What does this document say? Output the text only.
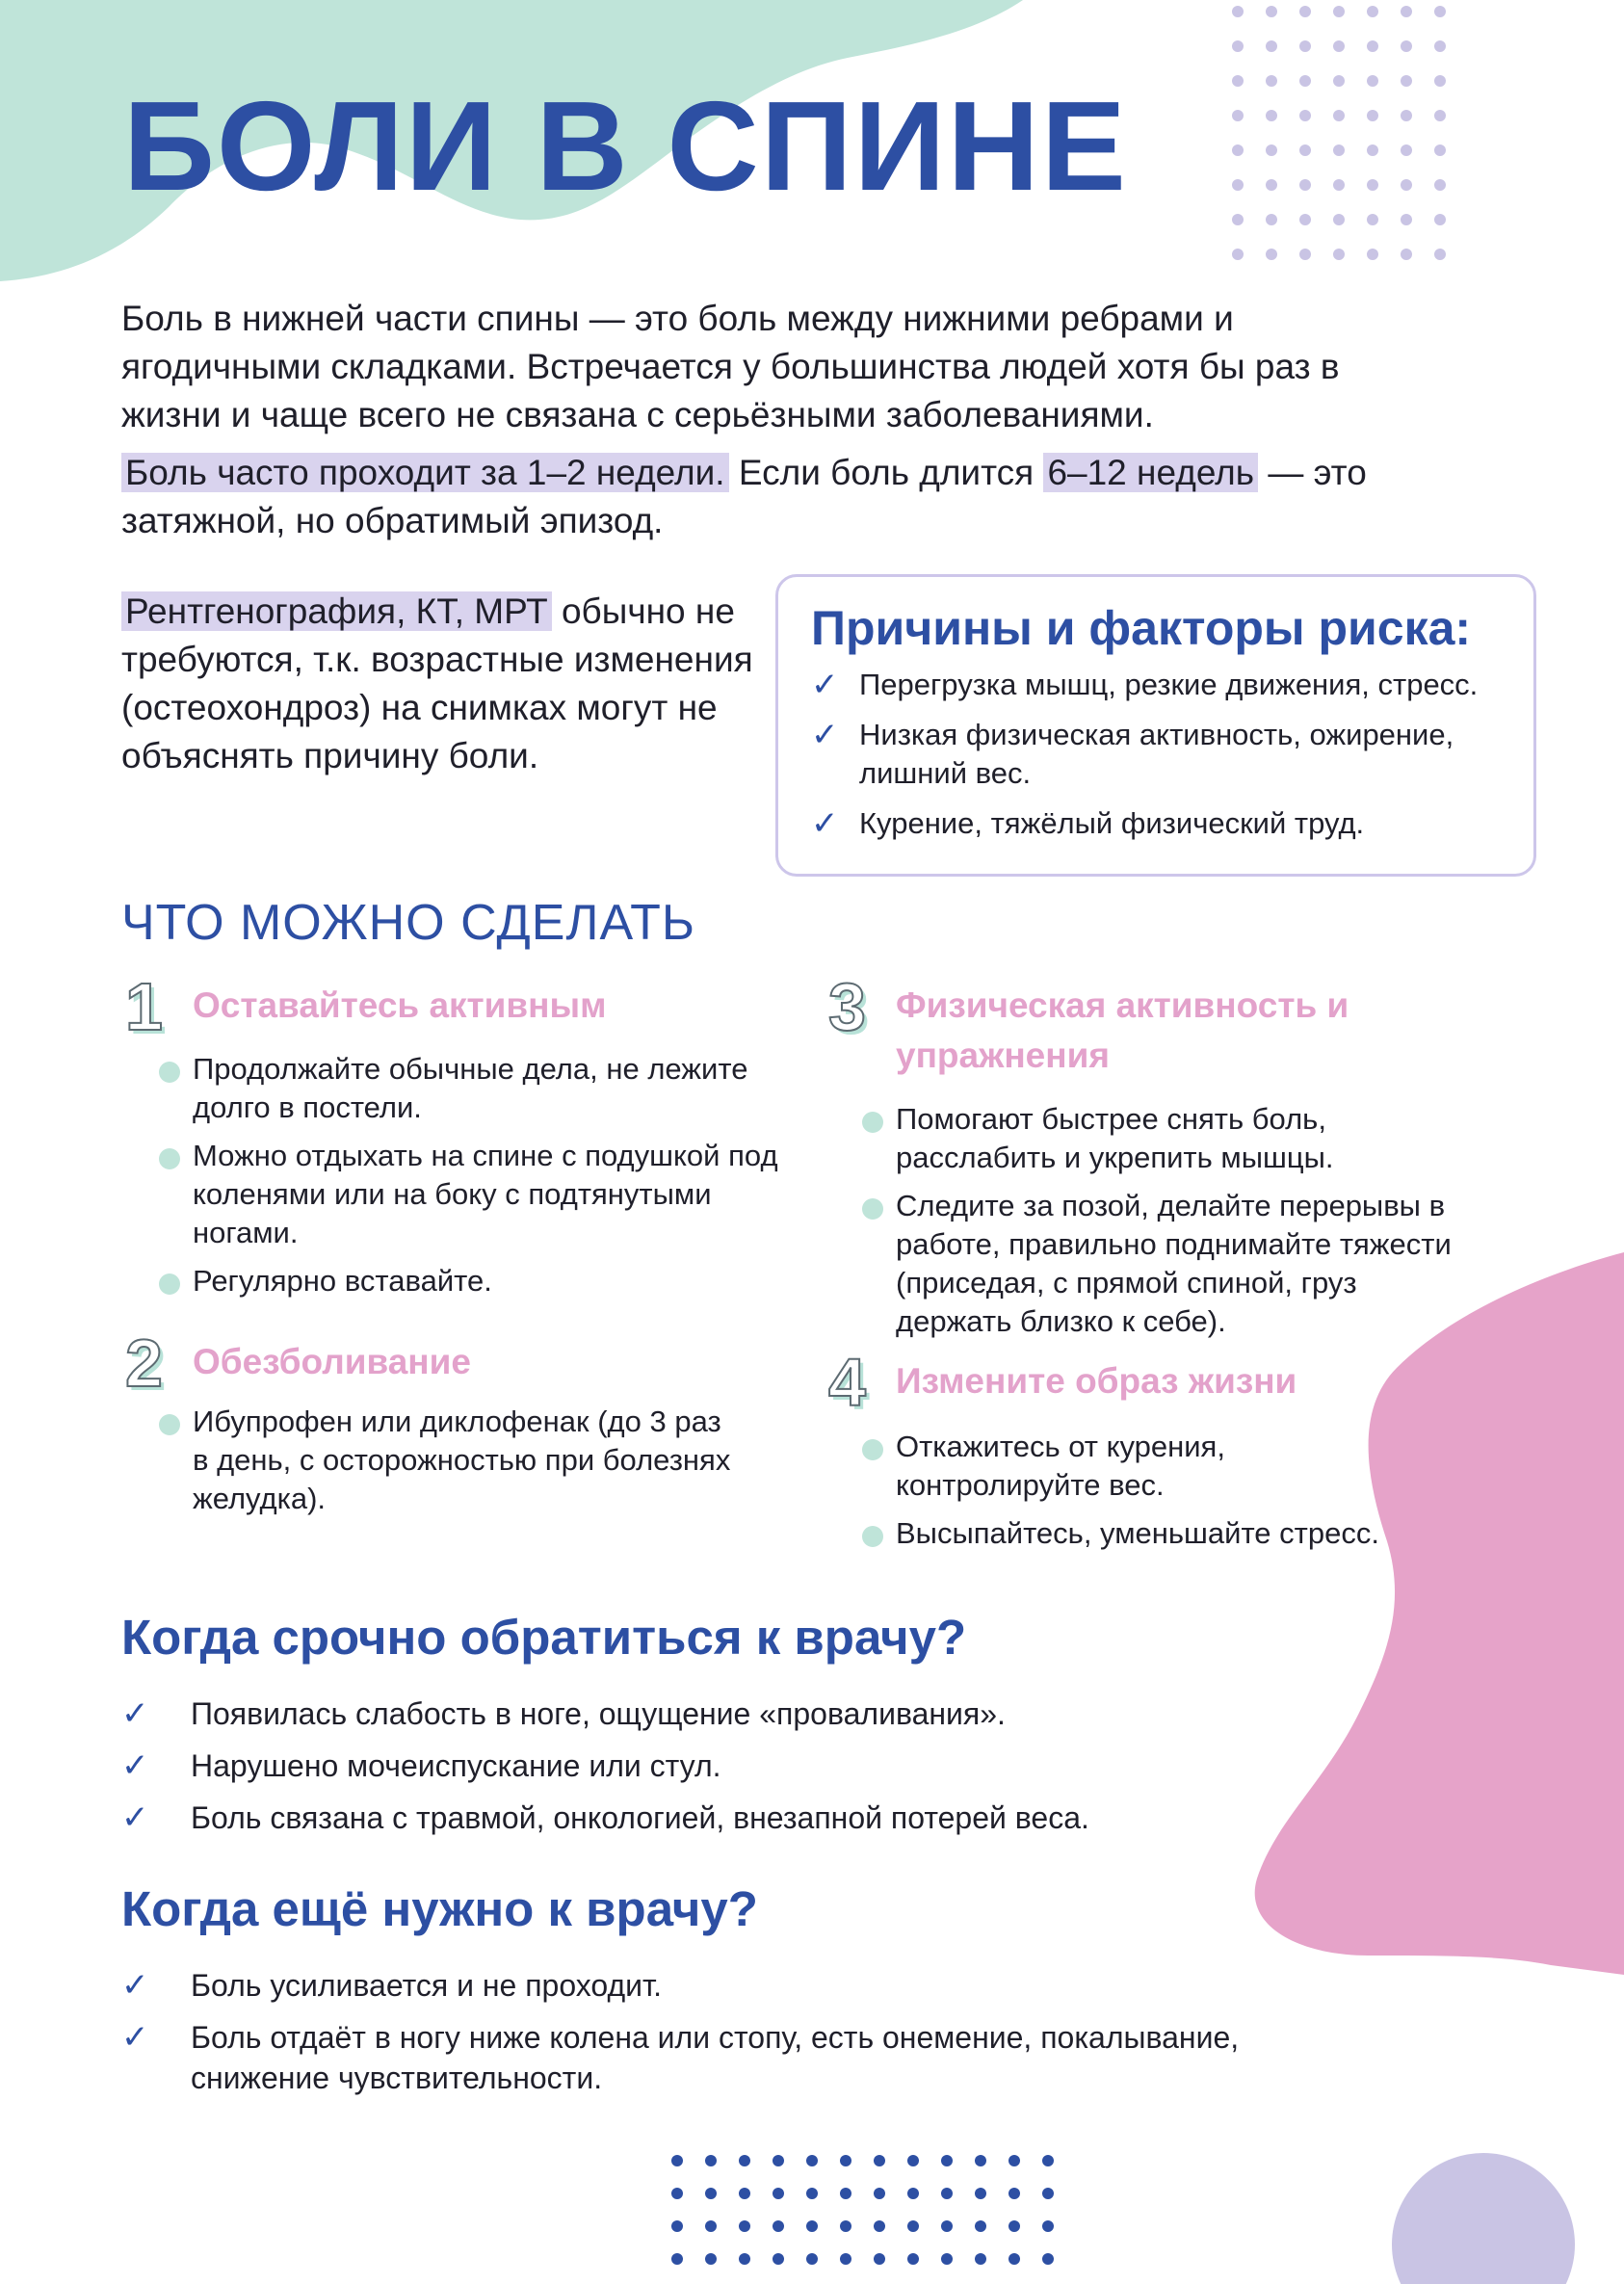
БОЛИ В СПИНЕ

Боль в нижней части спины — это боль между нижними ребрами и ягодичными складками. Встречается у большинства людей хотя бы раз в жизни и чаще всего не связана с серьёзными заболеваниями.

Боль часто проходит за 1–2 недели. Если боль длится 6–12 недель — это затяжной, но обратимый эпизод.

Рентгенография, КТ, МРТ обычно не требуются, т.к. возрастные изменения (остеохондроз) на снимках могут не объяснять причину боли.
Причины и факторы риска:
✓ Перегрузка мышц, резкие движения, стресс.
✓ Низкая физическая активность, ожирение, лишний вес.
✓ Курение, тяжёлый физический труд.
ЧТО МОЖНО СДЕЛАТЬ
1 Оставайтесь активным
Продолжайте обычные дела, не лежите долго в постели.
Можно отдыхать на спине с подушкой под коленями или на боку с подтянутыми ногами.
Регулярно вставайте.
2 Обезболивание
Ибупрофен или диклофенак (до 3 раз в день, с осторожностью при болезнях желудка).
3 Физическая активность и упражнения
Помогают быстрее снять боль, расслабить и укрепить мышцы.
Следите за позой, делайте перерывы в работе, правильно поднимайте тяжести (приседая, с прямой спиной, груз держать близко к себе).
4 Измените образ жизни
Откажитесь от курения, контролируйте вес.
Высыпайтесь, уменьшайте стресс.
Когда срочно обратиться к врачу?
✓ Появилась слабость в ноге, ощущение «проваливания».
✓ Нарушено мочеиспускание или стул.
✓ Боль связана с травмой, онкологией, внезапной потерей веса.
Когда ещё нужно к врачу?
✓ Боль усиливается и не проходит.
✓ Боль отдаёт в ногу ниже колена или стопу, есть онемение, покалывание, снижение чувствительности.
